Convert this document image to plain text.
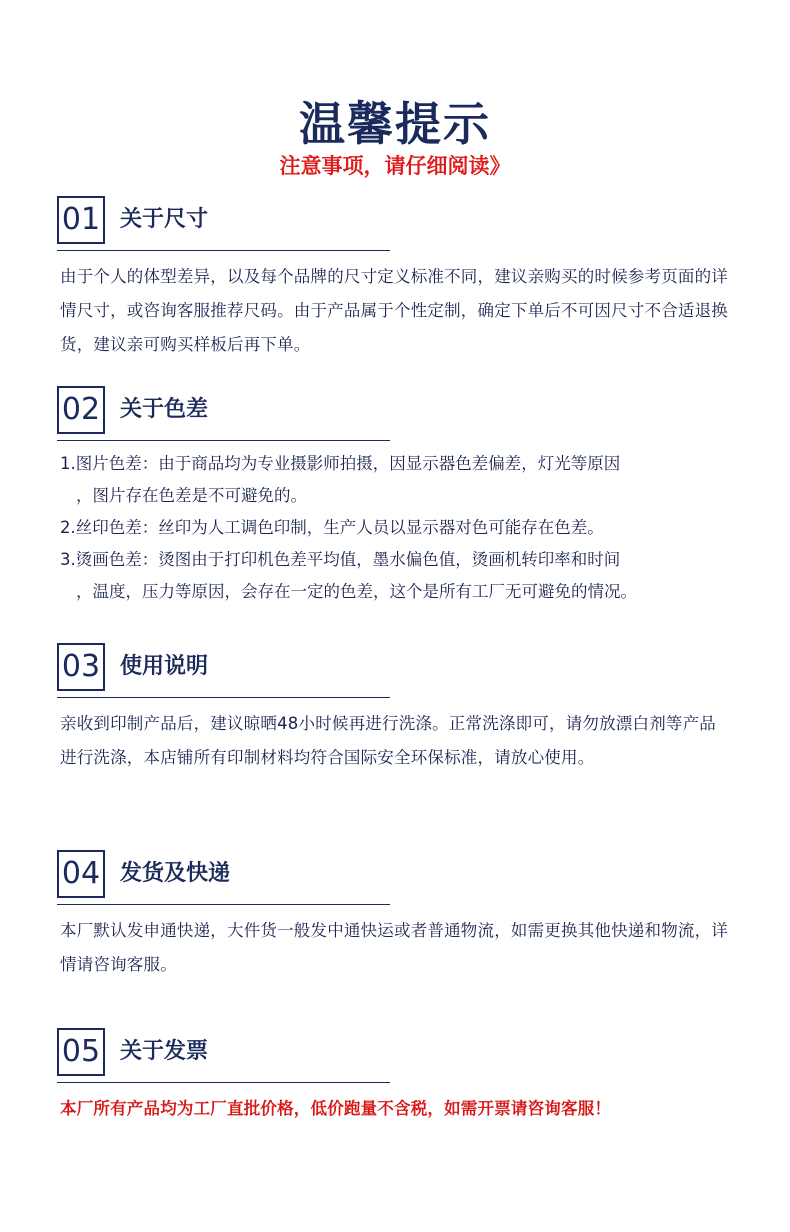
温馨提示

注意事项，请仔细阅读》

01 关于尺寸

由于个人的体型差异，以及每个品牌的尺寸定义标准不同，建议亲购买的时候参考页面的详情尺寸，或咨询客服推荐尺码。由于产品属于个性定制，确定下单后不可因尺寸不合适退换货，建议亲可购买样板后再下单。

02 关于色差
1.图片色差：由于商品均为专业摄影师拍摄，因显示器色差偏差，灯光等原因
，图片存在色差是不可避免的。
2.丝印色差：丝印为人工调色印制，生产人员以显示器对色可能存在色差。
3.烫画色差：烫图由于打印机色差平均值，墨水偏色值，烫画机转印率和时间
，温度，压力等原因，会存在一定的色差，这个是所有工厂无可避免的情况。
03 使用说明

亲收到印制产品后，建议晾晒48小时候再进行洗涤。正常洗涤即可，请勿放漂白剂等产品进行洗涤，本店铺所有印制材料均符合国际安全环保标准，请放心使用。

04 发货及快递

本厂默认发申通快递，大件货一般发中通快运或者普通物流，如需更换其他快递和物流，详情请咨询客服。

05 关于发票

本厂所有产品均为工厂直批价格，低价跑量不含税，如需开票请咨询客服！
